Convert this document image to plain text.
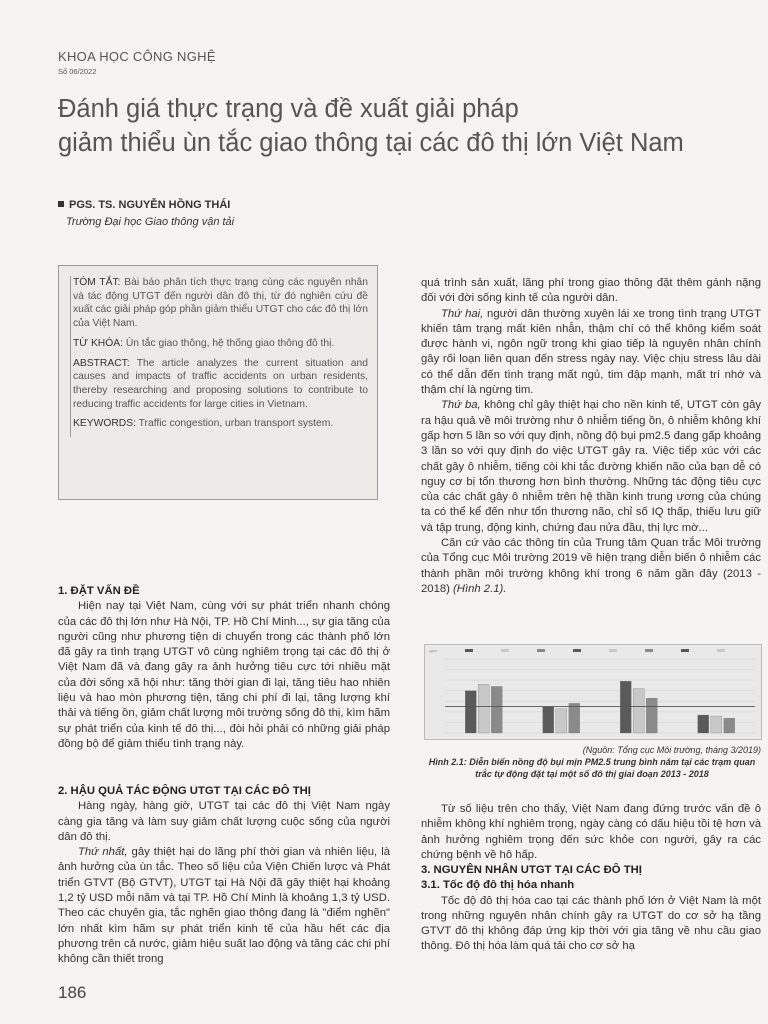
KHOA HỌC CÔNG NGHỆ
Số 06/2022
Đánh giá thực trạng và đề xuất giải pháp
giảm thiểu ùn tắc giao thông tại các đô thị lớn Việt Nam
PGS. TS. NGUYỄN HỒNG THÁI
Trường Đại học Giao thông vận tải

TÓM TẮT: Bài báo phân tích thực trạng cùng các nguyên nhân và tác động UTGT đến người dân đô thị, từ đó nghiên cứu đề xuất các giải pháp góp phần giảm thiểu UTGT cho các đô thị lớn của Việt Nam.

TỪ KHÓA: Ùn tắc giao thông, hệ thống giao thông đô thị.

ABSTRACT: The article analyzes the current situation and causes and impacts of traffic accidents on urban residents, thereby researching and proposing solutions to contribute to reducing traffic accidents for large cities in Vietnam.

KEYWORDS: Traffic congestion, urban transport system.

1. ĐẶT VẤN ĐỀ

Hiện nay tại Việt Nam, cùng với sự phát triển nhanh chóng của các đô thị lớn như Hà Nội, TP. Hồ Chí Minh..., sự gia tăng của người cũng như phương tiện di chuyển trong các thành phố lớn đã gây ra tình trạng UTGT vô cùng nghiêm trọng tại các đô thị ở Việt Nam đã và đang gây ra ảnh hưởng tiêu cực tới nhiều mặt của đời sống xã hội như: tăng thời gian đi lại, tăng tiêu hao nhiên liệu và hao mòn phương tiện, tăng chi phí đi lại, tăng lượng khí thải và tiếng ồn, giảm chất lượng môi trường sống đô thị, kìm hãm sự phát triển của kinh tế đô thị..., đòi hỏi phải có những giải pháp đồng bộ để giảm thiểu tình trạng này.

2. HẬU QUẢ TÁC ĐỘNG UTGT TẠI CÁC ĐÔ THỊ

Hàng ngày, hàng giờ, UTGT tại các đô thị Việt Nam ngày càng gia tăng và làm suy giảm chất lượng cuộc sống của người dân đô thị.

Thứ nhất, gây thiệt hại do lãng phí thời gian và nhiên liệu, là ảnh hưởng của ùn tắc. Theo số liệu của Viện Chiến lược và Phát triển GTVT (Bộ GTVT), UTGT tại Hà Nội đã gây thiệt hại khoảng 1,2 tỷ USD mỗi năm và tại TP. Hồ Chí Minh là khoảng 1,3 tỷ USD. Theo các chuyên gia, tắc nghẽn giao thông đang là "điểm nghẽn" lớn nhất kìm hãm sự phát triển kinh tế của hầu hết các địa phương trên cả nước, giảm hiệu suất lao động và tăng các chi phí không cần thiết trong

quá trình sản xuất, lãng phí trong giao thông đặt thêm gánh nặng đối với đời sống kinh tế của người dân.

Thứ hai, người dân thường xuyên lái xe trong tình trạng UTGT khiến tâm trạng mất kiên nhẫn, thậm chí có thể không kiểm soát được hành vi, ngôn ngữ trong khi giao tiếp là nguyên nhân chính gây rối loạn liên quan đến stress ngày nay. Việc chịu stress lâu dài có thể dẫn đến tình trạng mất ngủ, tim đập mạnh, mất trí nhớ và thậm chí là ngừng tim.

Thứ ba, không chỉ gây thiệt hại cho nền kinh tế, UTGT còn gây ra hậu quả về môi trường như ô nhiễm tiếng ồn, ô nhiễm không khí gấp hơn 5 lần so với quy định, nồng độ bụi pm2.5 đang gấp khoảng 3 lần so với quy định do việc UTGT gây ra. Việc tiếp xúc với các chất gây ô nhiễm, tiếng còi khi tắc đường khiến não của bạn dễ có nguy cơ bị tổn thương hơn bình thường. Những tác động tiêu cực của các chất gây ô nhiễm trên hệ thần kinh trung ương của chúng ta có thể kể đến như tổn thương não, chỉ số IQ thấp, thiếu lưu giữ và tập trung, động kinh, chứng đau nửa đầu, thị lực mờ...

Căn cứ vào các thông tin của Trung tâm Quan trắc Môi trường của Tổng cục Môi trường 2019 về hiện trạng diễn biến ô nhiễm các thành phần môi trường không khí trong 6 năm gần đây (2013 - 2018) (Hình 2.1).

µg/m³
(Nguồn: Tổng cục Môi trường, tháng 3/2019)
Hình 2.1: Diễn biến nồng độ bụi mịn PM2.5 trung bình năm tại các trạm quan trắc tự động đặt tại một số đô thị giai đoạn 2013 - 2018

Từ số liệu trên cho thấy, Việt Nam đang đứng trước vấn đề ô nhiễm không khí nghiêm trọng, ngày càng có dấu hiệu tồi tệ hơn và ảnh hưởng nghiêm trọng đến sức khỏe con người, gây ra các chứng bệnh về hô hấp.

3. NGUYÊN NHÂN UTGT TẠI CÁC ĐÔ THỊ
3.1. Tốc độ đô thị hóa nhanh

Tốc độ đô thị hóa cao tại các thành phố lớn ở Việt Nam là một trong những nguyên nhân chính gây ra UTGT do cơ sở hạ tầng GTVT đô thị không đáp ứng kịp thời với gia tăng về nhu cầu giao thông. Đô thị hóa làm quá tải cho cơ sở hạ

186
